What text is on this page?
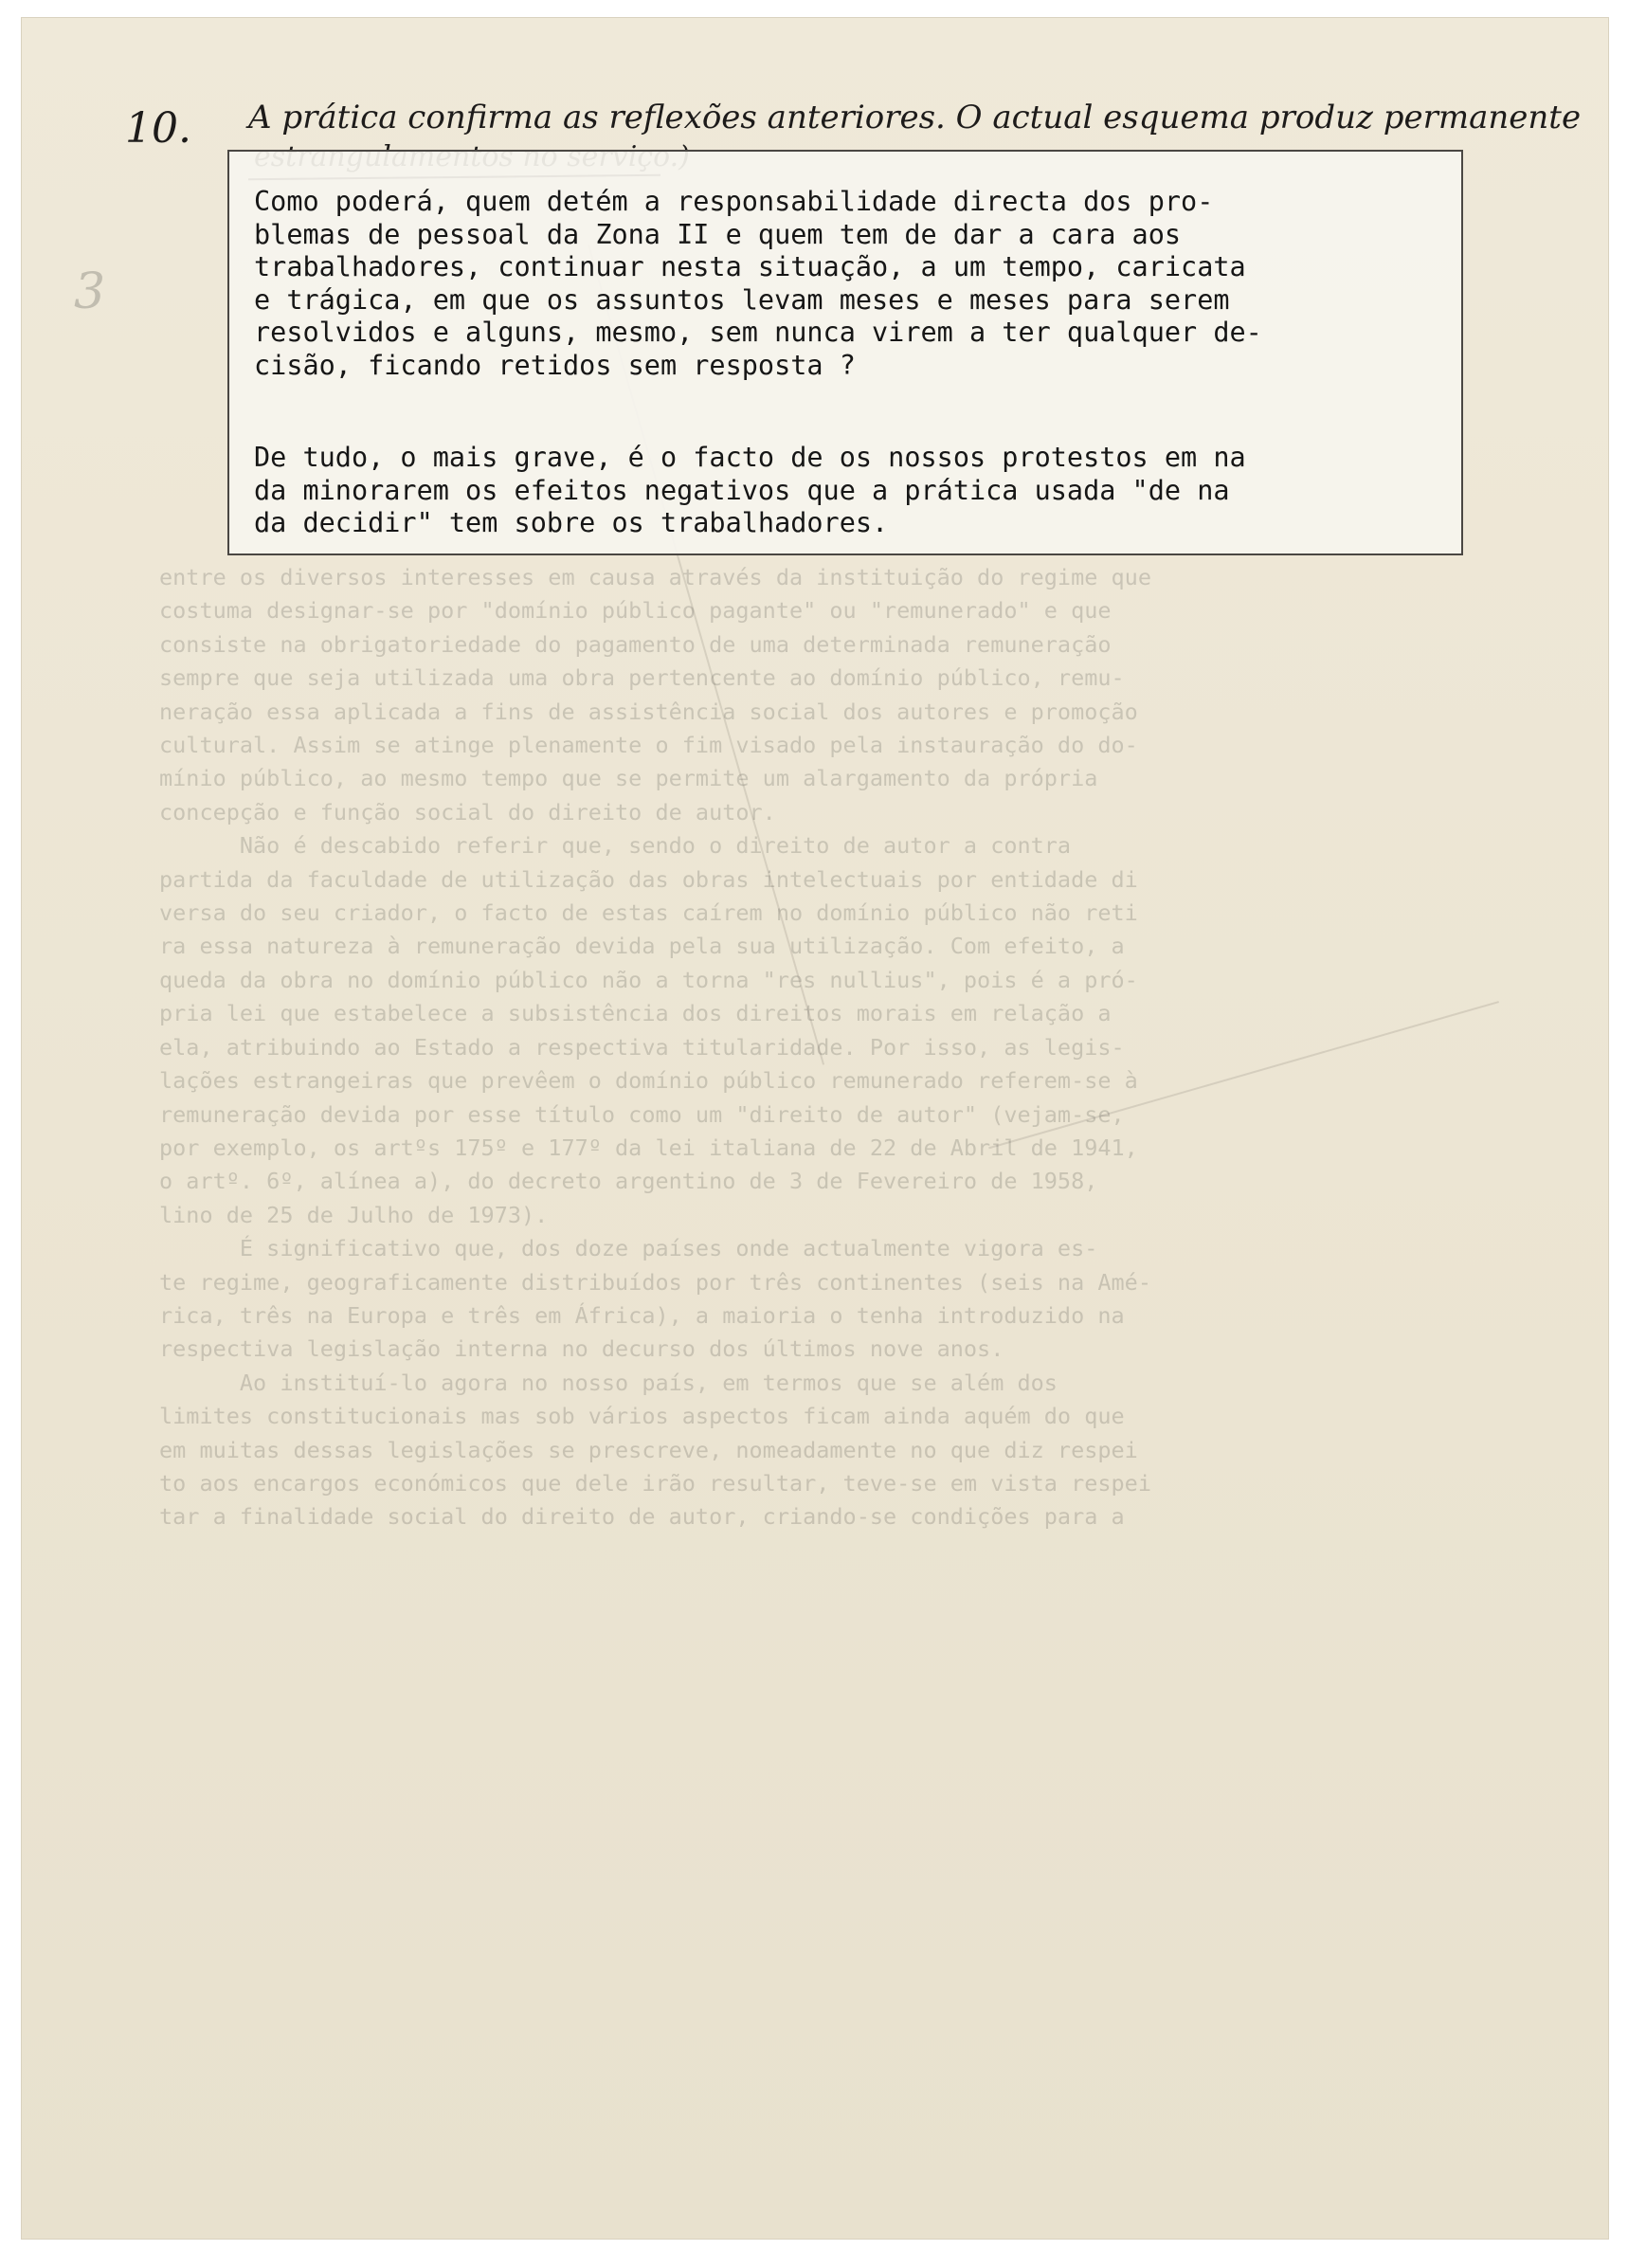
3
entre os diversos interesses em causa através da instituição do regime que
costuma designar-se por "domínio público pagante" ou "remunerado" e que
consiste na obrigatoriedade do pagamento de uma determinada remuneração
sempre que seja utilizada uma obra pertencente ao domínio público, remu-
neração essa aplicada a fins de assistência social dos autores e promoção
cultural. Assim se atinge plenamente o fim visado pela instauração do do-
mínio público, ao mesmo tempo que se permite um alargamento da própria
concepção e função social do direito de autor.
Não é descabido referir que, sendo o direito de autor a contra
partida da faculdade de utilização das obras intelectuais por entidade di
versa do seu criador, o facto de estas caírem no domínio público não reti
ra essa natureza à remuneração devida pela sua utilização. Com efeito, a
queda da obra no domínio público não a torna "res nullius", pois é a pró-
pria lei que estabelece a subsistência dos direitos morais em relação a
ela, atribuindo ao Estado a respectiva titularidade. Por isso, as legis-
lações estrangeiras que prevêem o domínio público remunerado referem-se à
remuneração devida por esse título como um "direito de autor" (vejam-se,
por exemplo, os artºs 175º e 177º da lei italiana de 22 de Abril de 1941,
o artº. 6º, alínea a), do decreto argentino de 3 de Fevereiro de 1958,
lino de 25 de Julho de 1973).
É significativo que, dos doze países onde actualmente vigora es-
te regime, geograficamente distribuídos por três continentes (seis na Amé-
rica, três na Europa e três em África), a maioria o tenha introduzido na
respectiva legislação interna no decurso dos últimos nove anos.
Ao instituí-lo agora no nosso país, em termos que se além dos
limites constitucionais mas sob vários aspectos ficam ainda aquém do que
em muitas dessas legislações se prescreve, nomeadamente no que diz respei
to aos encargos económicos que dele irão resultar, teve-se em vista respei
tar a finalidade social do direito de autor, criando-se condições para a
10. A prática confirma as reflexões anteriores. O actual esquema produz permanente
Como poderá, quem detém a responsabilidade directa dos pro-
blemas de pessoal da Zona II e quem tem de dar a cara aos
trabalhadores, continuar nesta situação, a um tempo, caricata
e trágica, em que os assuntos levam meses e meses para serem
resolvidos e alguns, mesmo, sem nunca virem a ter qualquer de-
cisão, ficando retidos sem resposta ?
De tudo, o mais grave, é o facto de os nossos protestos em na
da minorarem os efeitos negativos que a prática usada "de na
da decidir" tem sobre os trabalhadores.
